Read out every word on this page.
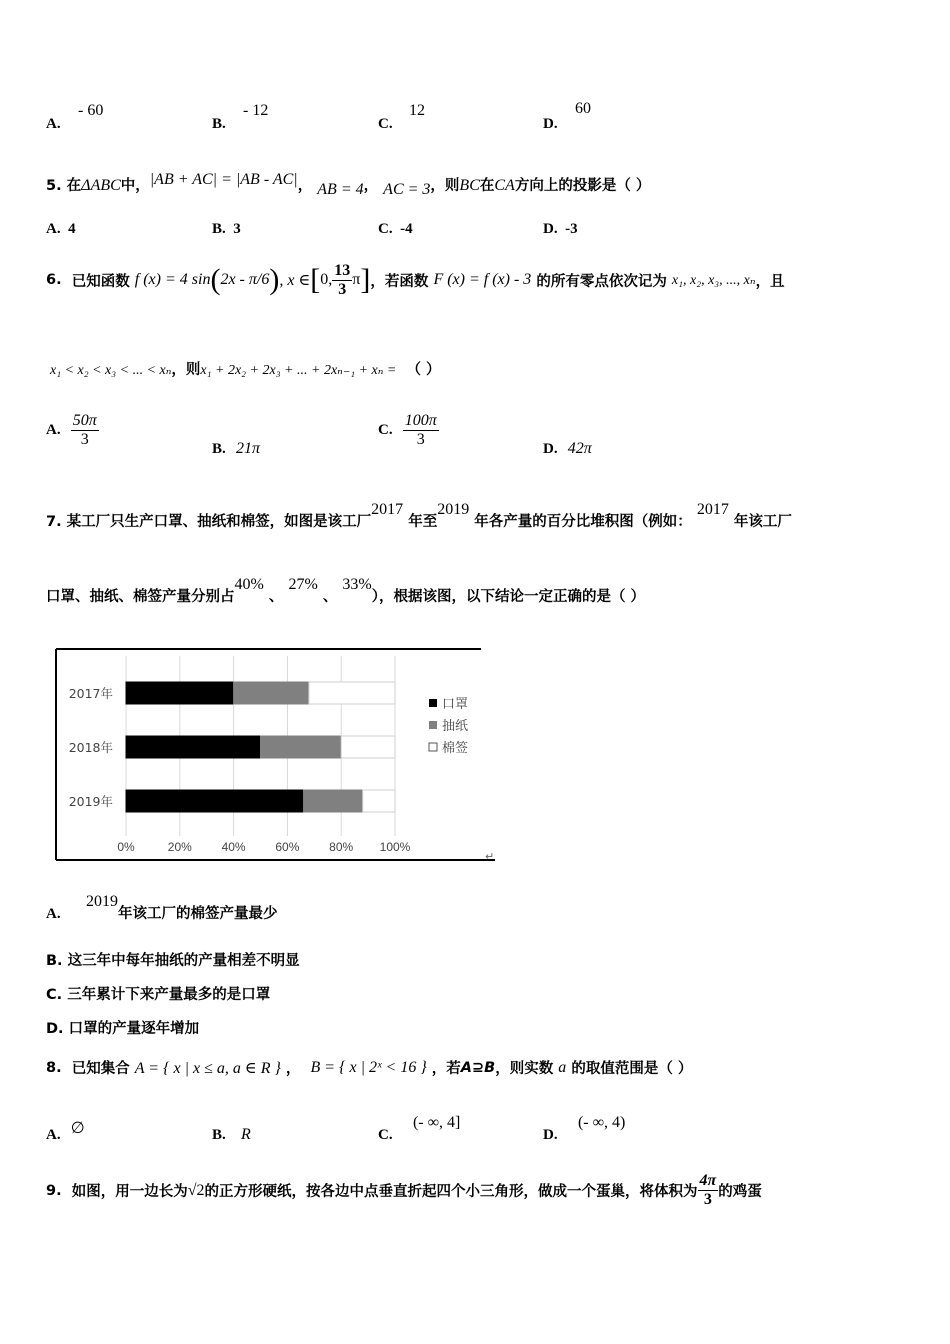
A.
- 60
B.
- 12
C.
12
D.
60
5. 在ΔABC中，|AB + AC| = |AB - AC|， AB = 4， AC = 3，则BC在CA方向上的投影是（ ）
A. 4	B. 3	C. -4	D. -3
6.
已知函数
f (x) = 4 sin ( 2x - π/6 ) , x ∈ [ 0, $\frac{13}{3}$ π ] ，若函数
F (x) = f (x) - 3
的所有零点依次记为
x₁, x₂, x₃, ..., xₙ ，且
x₁ < x₂ < x₃ < ... < xₙ，则x₁ + 2x₂ + 2x₃ + ... + 2xₙ₋₁ + xₙ = （ ）
A.
$\frac{50\pi}{3}$	B. 21π
C.
$\frac{100\pi}{3}$	D. 42π
7. 某工厂只生产口罩、抽纸和棉签，如图是该工厂2017 年至2019 年各产量的百分比堆积图（例如： 2017 年该工厂
口罩、抽纸、棉签产量分别占40% 、 27% 、 33%），根据该图，以下结论一定正确的是（ ）
0%	20% 40% 60% 80% 100%
2017年
2018年
2019年
口罩
抽纸
棉签
↵
A.

2019
年该工厂的棉签产量最少
B. 这三年中每年抽纸的产量相差不明显
C. 三年累计下来产量最多的是口罩
D. 口罩的产量逐年增加
8.
已知集合
A = { x | x ≤ a, a ∈ R }
，
B = { x | 2ˣ < 16 }
，若 A⊇B ，则实数
a
的取值范围是（ ）
A. ∅	B. R	C.    (- ∞, 4]
D.    (- ∞, 4)
9.
如图，用一边长为 √2 的正方形硬纸，按各边中点垂直折起四个小三角形，做成一个蛋巢，将体积为 $\frac{4\pi}{3}$ 的鸡蛋
